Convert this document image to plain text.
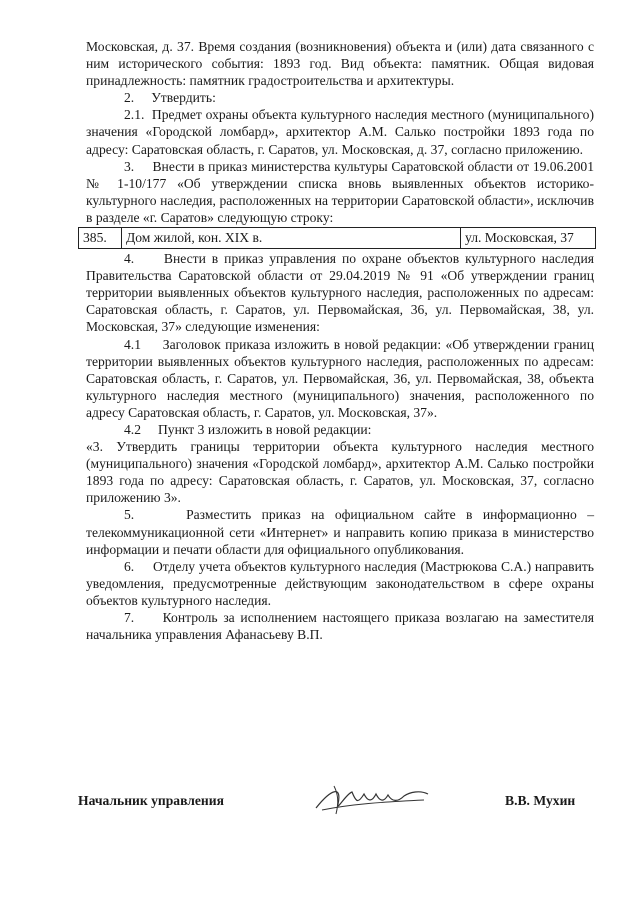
Московская, д. 37. Время создания (возникновения) объекта и (или) дата связанного с ним исторического события: 1893 год. Вид объекта: памятник. Общая видовая принадлежность: памятник градостроительства и архитектуры.

2.     Утвердить:

2.1.  Предмет охраны объекта культурного наследия местного (муниципального) значения «Городской ломбард», архитектор А.М. Салько постройки 1893 года по адресу: Саратовская область, г. Саратов, ул. Московская, д. 37, согласно приложению.

3.     Внести в приказ министерства культуры Саратовской области от 19.06.2001 № 1-10/177 «Об утверждении списка вновь выявленных объектов историко-культурного наследия, расположенных на территории Саратовской области», исключив в разделе «г. Саратов» следующую строку:

385.	Дом жилой, кон. XIX в.	ул. Московская, 37

4.     Внести в приказ управления по охране объектов культурного наследия Правительства Саратовской области от 29.04.2019 № 91 «Об утверждении границ территории выявленных объектов культурного наследия, расположенных по адресам: Саратовская область, г. Саратов, ул. Первомайская, 36, ул. Первомайская, 38, ул. Московская, 37» следующие изменения:

4.1     Заголовок приказа изложить в новой редакции: «Об утверждении границ территории выявленных объектов культурного наследия, расположенных по адресам: Саратовская область, г. Саратов, ул. Первомайская, 36, ул. Первомайская, 38, объекта культурного наследия местного (муниципального) значения, расположенного по адресу Саратовская область, г. Саратов, ул. Московская, 37».

4.2     Пункт 3 изложить в новой редакции:

«3. Утвердить границы территории объекта культурного наследия местного (муниципального) значения «Городской ломбард», архитектор А.М. Салько постройки 1893 года по адресу: Саратовская область, г. Саратов, ул. Московская, 37, согласно приложению 3».

5.     Разместить приказ на официальном сайте в информационно – телекоммуникационной сети «Интернет» и направить копию приказа в министерство информации и печати области для официального опубликования.

6.     Отделу учета объектов культурного наследия (Мастрюкова С.А.) направить уведомления, предусмотренные действующим законодательством в сфере охраны объектов культурного наследия.

7.     Контроль за исполнением настоящего приказа возлагаю на заместителя начальника управления Афанасьеву В.П.

Начальник управления	В.В. Мухин
